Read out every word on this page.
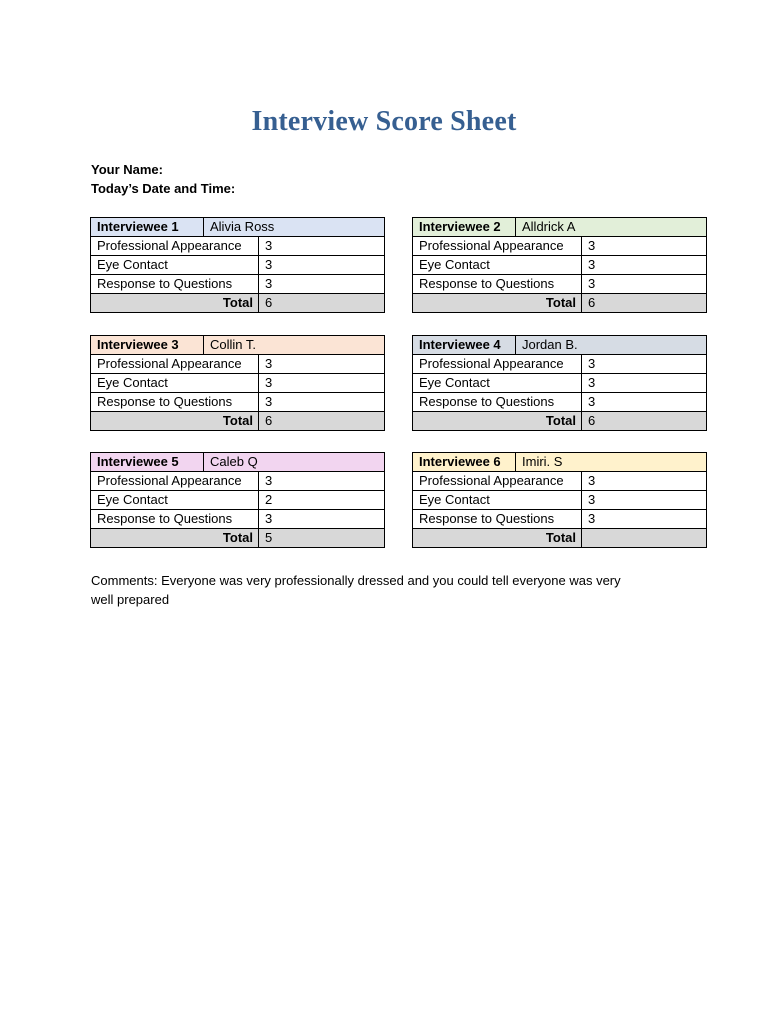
Interview Score Sheet
Your Name:
Today’s Date and Time:
Interviewee 1	Alivia Ross	
Professional Appearance		3
Eye Contact		3
Response to Questions		3
Total		6
Interviewee 2	Alldrick A	
Professional Appearance		3
Eye Contact		3
Response to Questions		3
Total		6
Interviewee 3	Collin T.	
Professional Appearance		3
Eye Contact		3
Response to Questions		3
Total		6
Interviewee 4	Jordan B.	
Professional Appearance		3
Eye Contact		3
Response to Questions		3
Total		6
Interviewee 5	Caleb Q	
Professional Appearance		3
Eye Contact		2
Response to Questions		3
Total		5
Interviewee 6	Imiri. S	
Professional Appearance		3
Eye Contact		3
Response to Questions		3
Total		
Comments: Everyone was very professionally dressed and you could tell everyone was very
well prepared
